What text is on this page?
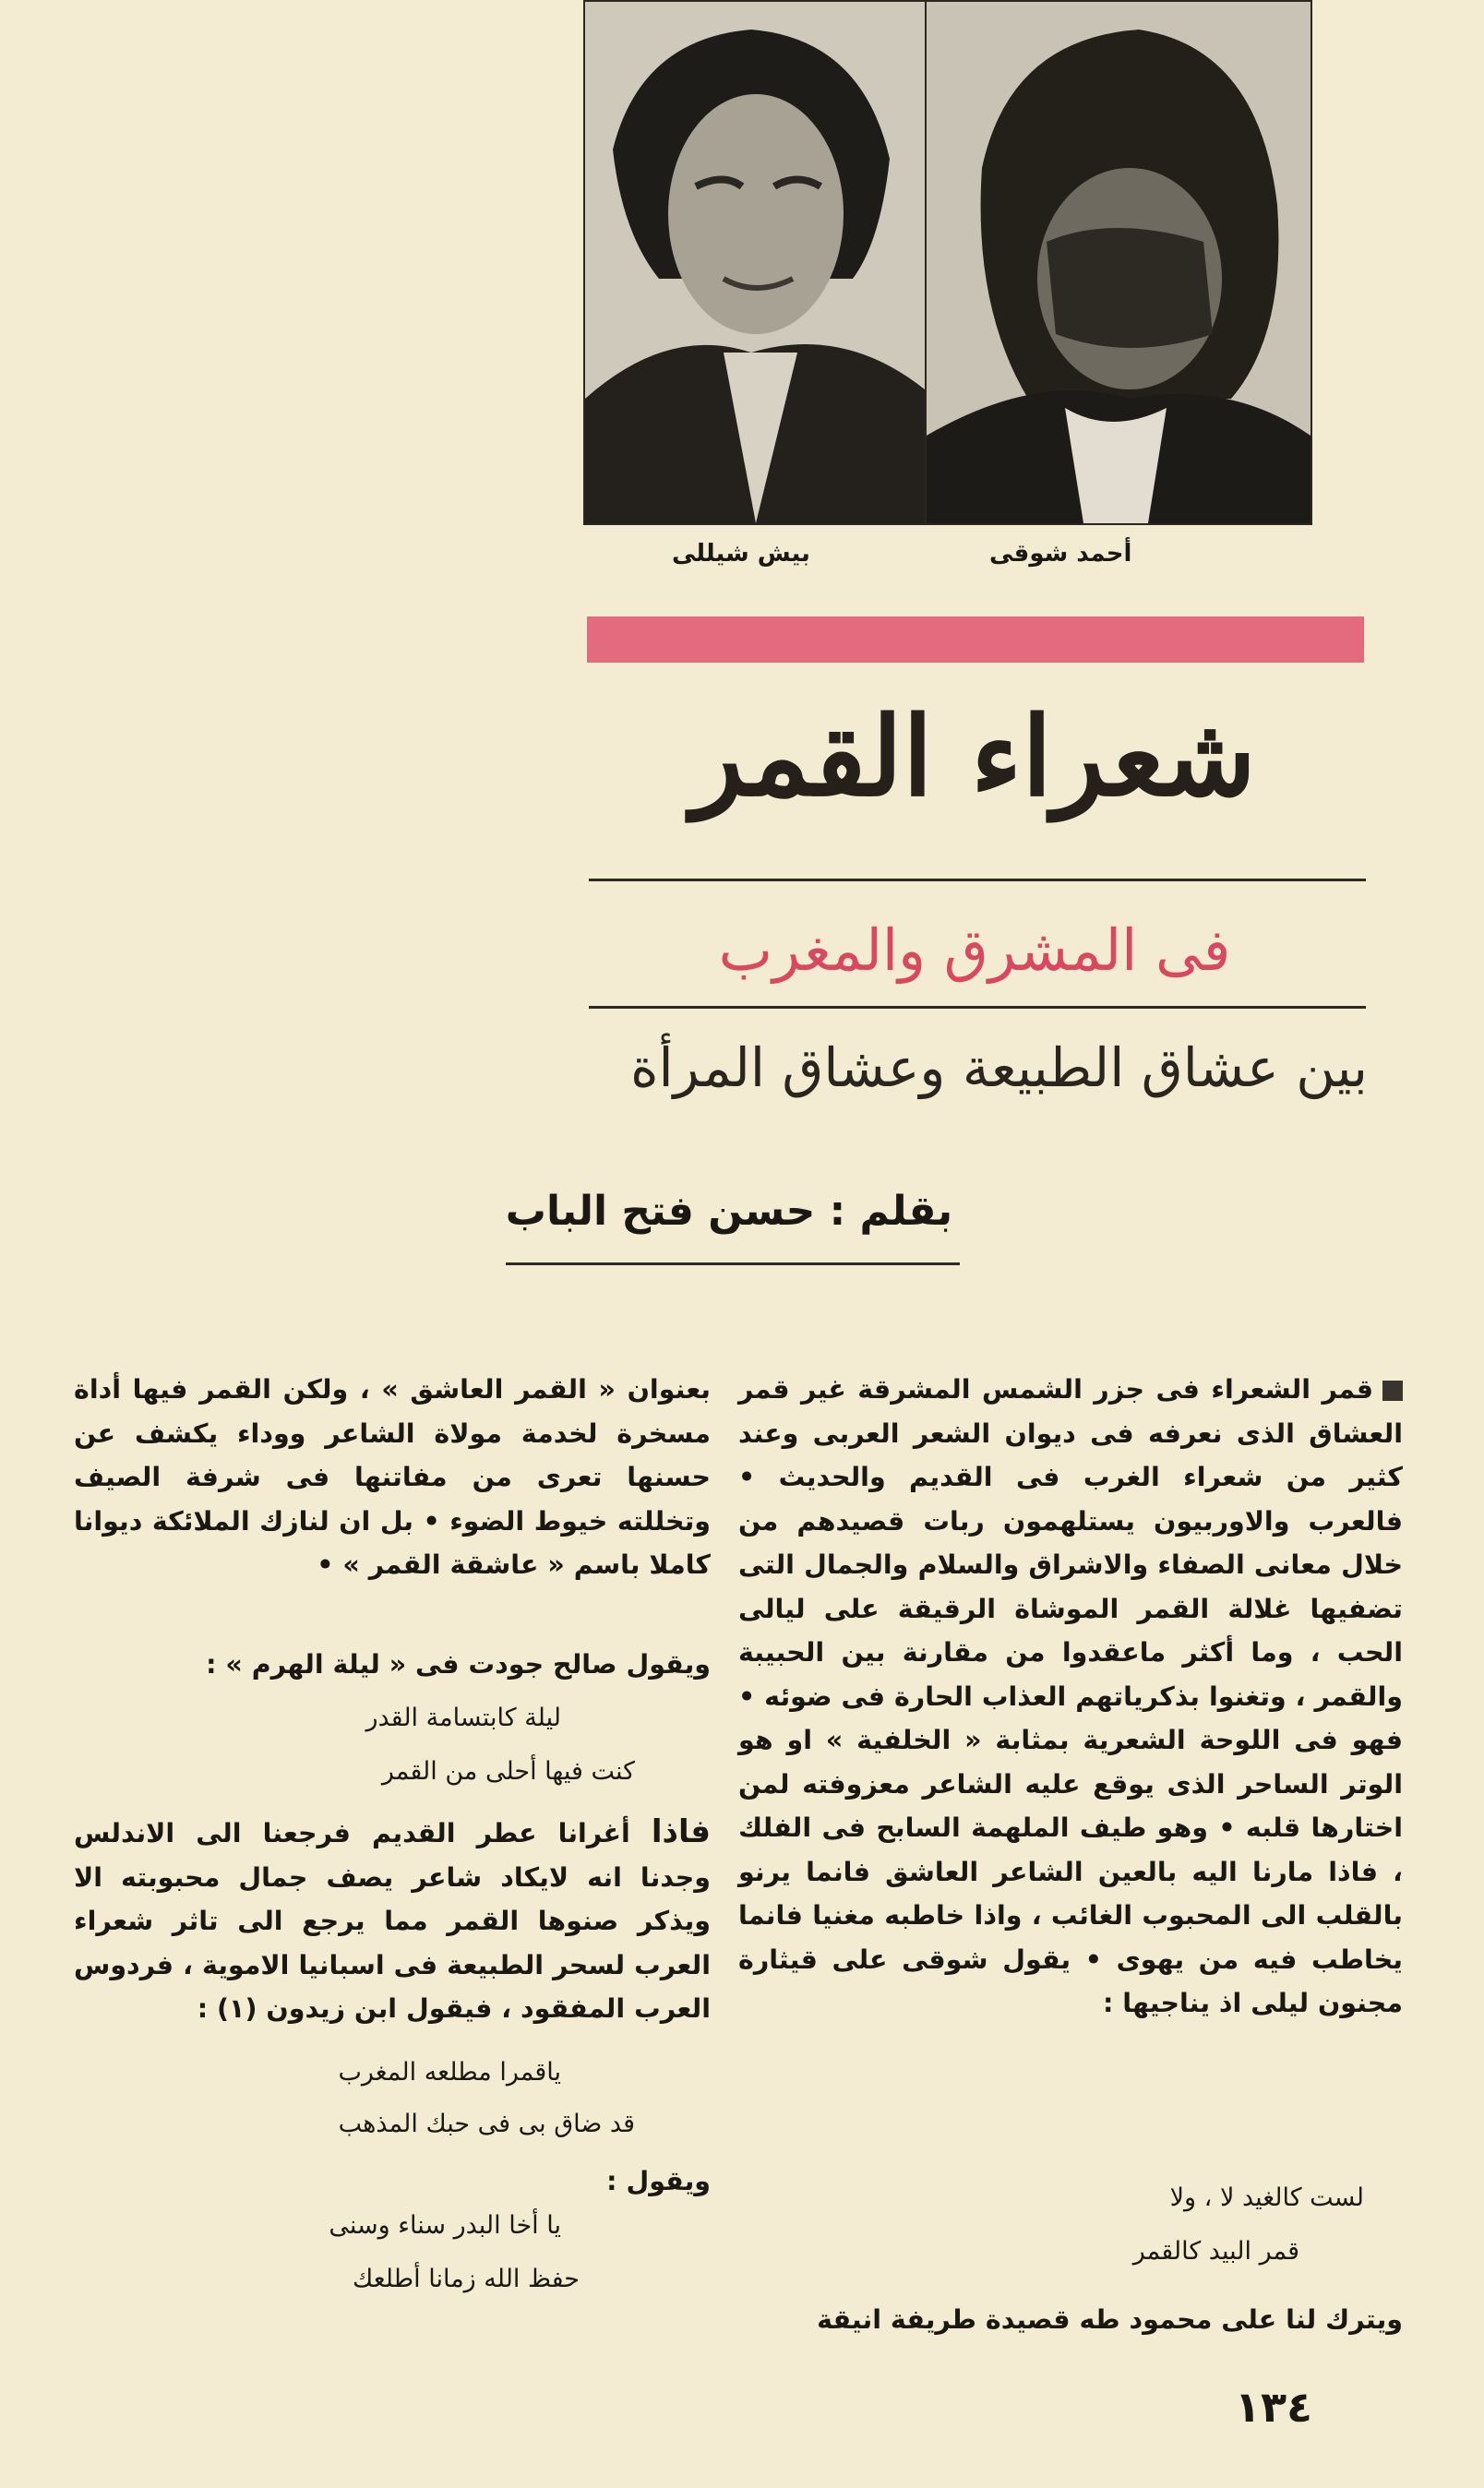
بيش شيللى	أحمد شوقى
شعراء القمر
فى المشرق والمغرب
بين عشاق الطبيعة وعشاق المرأة
بقلم : حسن فتح الباب

قمر الشعراء فى جزر الشمس المشرقة غير قمر العشاق الذى نعرفه فى ديوان الشعر العربى وعند كثير من شعراء الغرب فى القديم والحديث • فالعرب والاوربيون يستلهمون ربات قصيدهم من خلال معانى الصفاء والاشراق والسلام والجمال التى تضفيها غلالة القمر الموشاة الرقيقة على ليالى الحب ، وما أكثر ماعقدوا من مقارنة بين الحبيبة والقمر ، وتغنوا بذكرياتهم العذاب الحارة فى ضوئه • فهو فى اللوحة الشعرية بمثابة « الخلفية » او هو الوتر الساحر الذى يوقع عليه الشاعر معزوفته لمن اختارها قلبه • وهو طيف الملهمة السابح فى الفلك ، فاذا مارنا اليه بالعين الشاعر العاشق فانما يرنو بالقلب الى المحبوب الغائب ، واذا خاطبه مغنيا فانما يخاطب فيه من يهوى • يقول شوقى على قيثارة مجنون ليلى اذ يناجيها :

لست كالغيد لا ، ولا
قمر البيد كالقمر
ويترك لنا على محمود طه قصيدة طريفة انيقة

بعنوان « القمر العاشق » ، ولكن القمر فيها أداة مسخرة لخدمة مولاة الشاعر ووداء يكشف عن حسنها تعرى من مفاتنها فى شرفة الصيف وتخللته خيوط الضوء • بل ان لنازك الملائكة ديوانا كاملا باسم « عاشقة القمر » •

ويقول صالح جودت فى « ليلة الهرم » :
ليلة كابتسامة القدر
كنت فيها أحلى من القمر
فاذا أغرانا عطر القديم فرجعنا الى الاندلس وجدنا انه لايكاد شاعر يصف جمال محبوبته الا ويذكر صنوها القمر مما يرجع الى تاثر شعراء العرب لسحر الطبيعة فى اسبانيا الاموية ، فردوس العرب المفقود ، فيقول ابن زيدون (١) :
ياقمرا مطلعه المغرب
قد ضاق بى فى حبك المذهب
ويقول :
يا أخا البدر سناء وسنى
حفظ الله زمانا أطلعك
١٣٤
